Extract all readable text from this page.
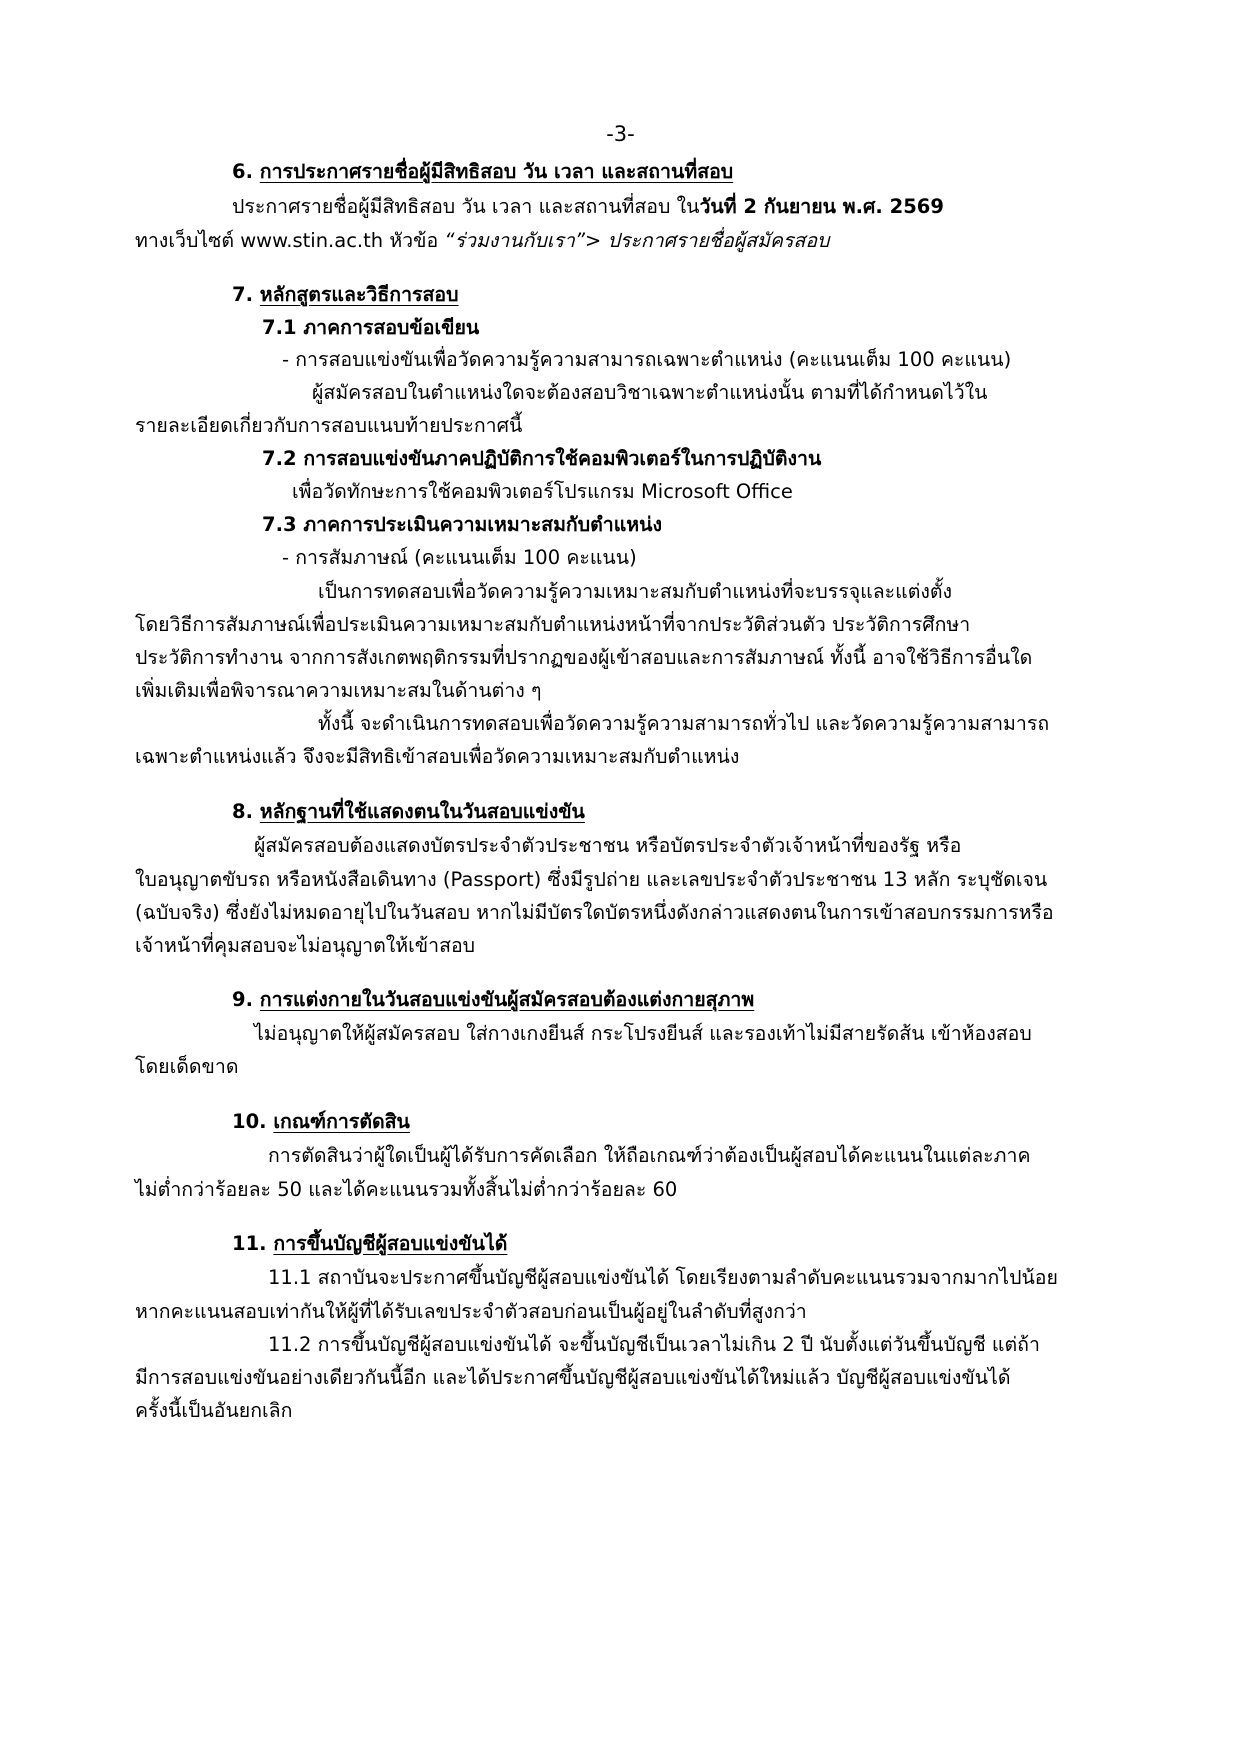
-3-
6. การประกาศรายชื่อผู้มีสิทธิสอบ วัน เวลา และสถานที่สอบ
ประกาศรายชื่อผู้มีสิทธิสอบ วัน เวลา และสถานที่สอบ ในวันที่ 2 กันยายน พ.ศ. 2569
ทางเว็บไซต์ www.stin.ac.th หัวข้อ “ร่วมงานกับเรา”> ประกาศรายชื่อผู้สมัครสอบ
7. หลักสูตรและวิธีการสอบ
7.1 ภาคการสอบข้อเขียน
- การสอบแข่งขันเพื่อวัดความรู้ความสามารถเฉพาะตำแหน่ง (คะแนนเต็ม 100 คะแนน)
ผู้สมัครสอบในตำแหน่งใดจะต้องสอบวิชาเฉพาะตำแหน่งนั้น ตามที่ได้กำหนดไว้ใน
รายละเอียดเกี่ยวกับการสอบแนบท้ายประกาศนี้
7.2 การสอบแข่งขันภาคปฏิบัติการใช้คอมพิวเตอร์ในการปฏิบัติงาน
เพื่อวัดทักษะการใช้คอมพิวเตอร์โปรแกรม Microsoft Office
7.3 ภาคการประเมินความเหมาะสมกับตำแหน่ง
- การสัมภาษณ์ (คะแนนเต็ม 100 คะแนน)
เป็นการทดสอบเพื่อวัดความรู้ความเหมาะสมกับตำแหน่งที่จะบรรจุและแต่งตั้ง
โดยวิธีการสัมภาษณ์เพื่อประเมินความเหมาะสมกับตำแหน่งหน้าที่จากประวัติส่วนตัว ประวัติการศึกษา
ประวัติการทำงาน จากการสังเกตพฤติกรรมที่ปรากฏของผู้เข้าสอบและการสัมภาษณ์ ทั้งนี้ อาจใช้วิธีการอื่นใด
เพิ่มเติมเพื่อพิจารณาความเหมาะสมในด้านต่าง ๆ
ทั้งนี้ จะดำเนินการทดสอบเพื่อวัดความรู้ความสามารถทั่วไป และวัดความรู้ความสามารถ
เฉพาะตำแหน่งแล้ว จึงจะมีสิทธิเข้าสอบเพื่อวัดความเหมาะสมกับตำแหน่ง
8. หลักฐานที่ใช้แสดงตนในวันสอบแข่งขัน
ผู้สมัครสอบต้องแสดงบัตรประจำตัวประชาชน หรือบัตรประจำตัวเจ้าหน้าที่ของรัฐ หรือ
ใบอนุญาตขับรถ หรือหนังสือเดินทาง (Passport) ซึ่งมีรูปถ่าย และเลขประจำตัวประชาชน 13 หลัก ระบุชัดเจน
(ฉบับจริง) ซึ่งยังไม่หมดอายุไปในวันสอบ หากไม่มีบัตรใดบัตรหนึ่งดังกล่าวแสดงตนในการเข้าสอบกรรมการหรือ
เจ้าหน้าที่คุมสอบจะไม่อนุญาตให้เข้าสอบ
9. การแต่งกายในวันสอบแข่งขันผู้สมัครสอบต้องแต่งกายสุภาพ
ไม่อนุญาตให้ผู้สมัครสอบ ใส่กางเกงยีนส์ กระโปรงยีนส์ และรองเท้าไม่มีสายรัดส้น เข้าห้องสอบ
โดยเด็ดขาด
10. เกณฑ์การตัดสิน
การตัดสินว่าผู้ใดเป็นผู้ได้รับการคัดเลือก ให้ถือเกณฑ์ว่าต้องเป็นผู้สอบได้คะแนนในแต่ละภาค
ไม่ต่ำกว่าร้อยละ 50 และได้คะแนนรวมทั้งสิ้นไม่ต่ำกว่าร้อยละ 60
11. การขึ้นบัญชีผู้สอบแข่งขันได้
11.1 สถาบันจะประกาศขึ้นบัญชีผู้สอบแข่งขันได้ โดยเรียงตามลำดับคะแนนรวมจากมากไปน้อย
หากคะแนนสอบเท่ากันให้ผู้ที่ได้รับเลขประจำตัวสอบก่อนเป็นผู้อยู่ในลำดับที่สูงกว่า
11.2 การขึ้นบัญชีผู้สอบแข่งขันได้ จะขึ้นบัญชีเป็นเวลาไม่เกิน 2 ปี นับตั้งแต่วันขึ้นบัญชี แต่ถ้า
มีการสอบแข่งขันอย่างเดียวกันนี้อีก และได้ประกาศขึ้นบัญชีผู้สอบแข่งขันได้ใหม่แล้ว บัญชีผู้สอบแข่งขันได้
ครั้งนี้เป็นอันยกเลิก
